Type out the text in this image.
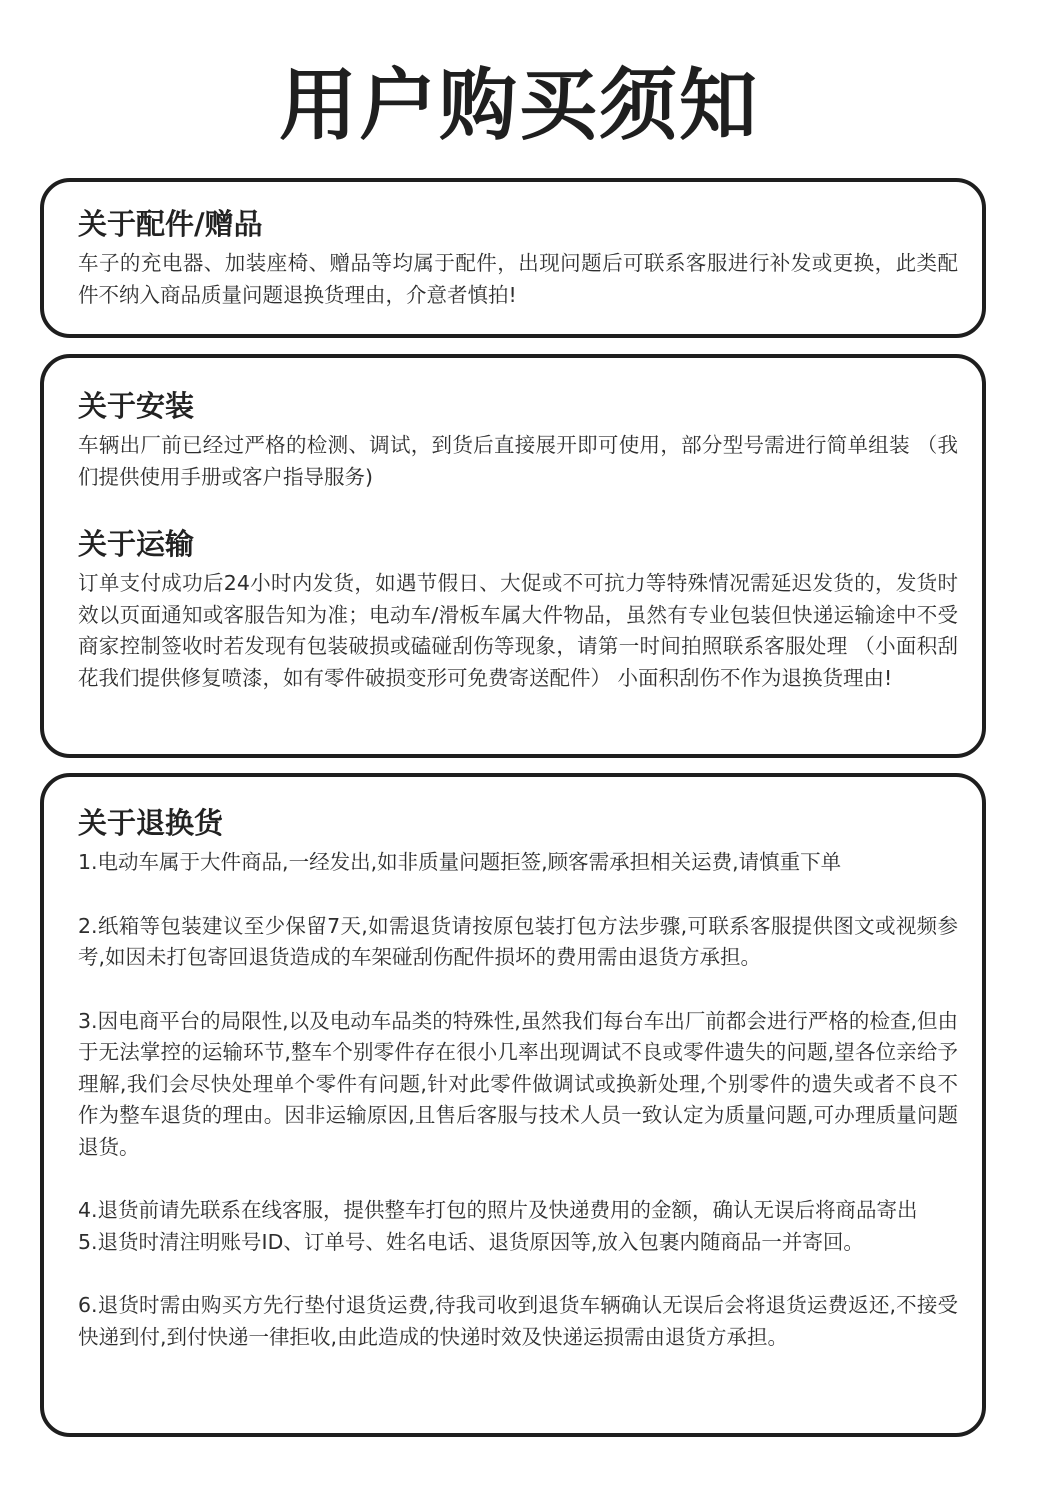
用户购买须知
关于配件/赠品

车子的充电器、加装座椅、赠品等均属于配件，出现问题后可联系客服进行补发或更换，此类配件不纳入商品质量问题退换货理由，介意者慎拍!

关于安装

车辆出厂前已经过严格的检测、调试，到货后直接展开即可使用，部分型号需进行简单组装 （我们提供使用手册或客户指导服务)

关于运输

订单支付成功后24小时内发货，如遇节假日、大促或不可抗力等特殊情况需延迟发货的，发货时效以页面通知或客服告知为准；电动车/滑板车属大件物品，虽然有专业包装但快递运输途中不受商家控制签收时若发现有包装破损或磕碰刮伤等现象，请第一时间拍照联系客服处理 （小面积刮花我们提供修复喷漆，如有零件破损变形可免费寄送配件） 小面积刮伤不作为退换货理由!

关于退换货
1.电动车属于大件商品,一经发出,如非质量问题拒签,顾客需承担相关运费,请慎重下单
2.纸箱等包装建议至少保留7天,如需退货请按原包装打包方法步骤,可联系客服提供图文或视频参考,如因未打包寄回退货造成的车架碰刮伤配件损坏的费用需由退货方承担。
3.因电商平台的局限性,以及电动车品类的特殊性,虽然我们每台车出厂前都会进行严格的检查,但由于无法掌控的运输环节,整车个别零件存在很小几率出现调试不良或零件遗失的问题,望各位亲给予理解,我们会尽快处理单个零件有问题,针对此零件做调试或换新处理,个别零件的遗失或者不良不作为整车退货的理由。因非运输原因,且售后客服与技术人员一致认定为质量问题,可办理质量问题退货。
4.退货前请先联系在线客服，提供整车打包的照片及快递费用的金额，确认无误后将商品寄出
5.退货时清注明账号ID、订单号、姓名电话、退货原因等,放入包裹内随商品一并寄回。
6.退货时需由购买方先行垫付退货运费,待我司收到退货车辆确认无误后会将退货运费返还,不接受快递到付,到付快递一律拒收,由此造成的快递时效及快递运损需由退货方承担。
